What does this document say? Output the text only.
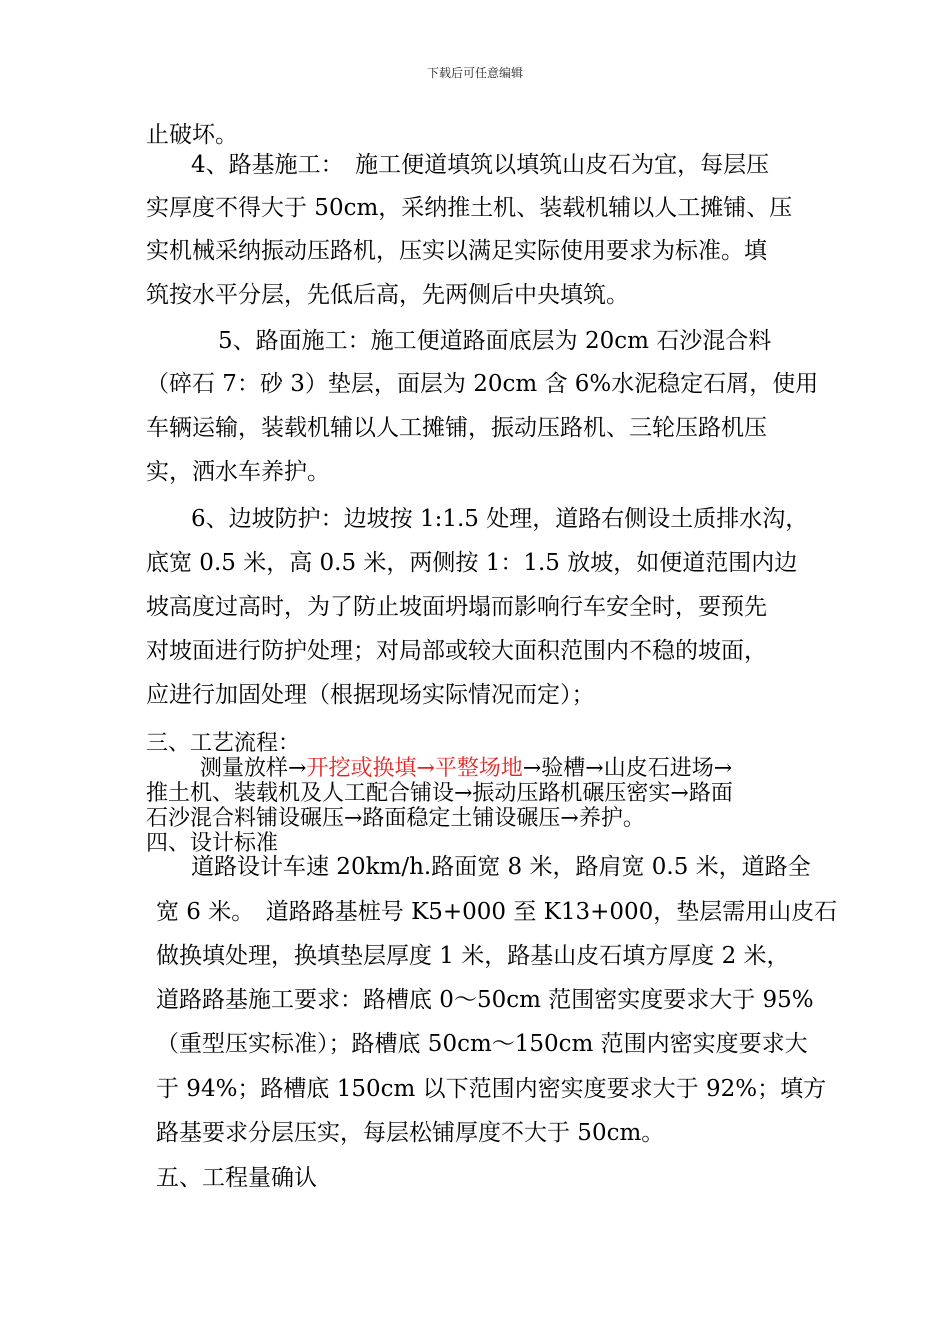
下载后可任意编辑
止破坏。
4、路基施工：　施工便道填筑以填筑山皮石为宜，每层压
实厚度不得大于 50cm，采纳推土机、装载机辅以人工摊铺、压
实机械采纳振动压路机，压实以满足实际使用要求为标准。填
筑按水平分层，先低后高，先两侧后中央填筑。
5、路面施工：施工便道路面底层为 20cm 石沙混合料
（碎石 7：砂 3）垫层，面层为 20cm 含 6%水泥稳定石屑，使用
车辆运输，装载机辅以人工摊铺，振动压路机、三轮压路机压
实，洒水车养护。
6、边坡防护：边坡按 1:1.5 处理，道路右侧设土质排水沟，
底宽 0.5 米，高 0.5 米，两侧按 1：1.5 放坡，如便道范围内边
坡高度过高时，为了防止坡面坍塌而影响行车安全时，要预先
对坡面进行防护处理；对局部或较大面积范围内不稳的坡面，
应进行加固处理（根据现场实际情况而定）；
三、工艺流程：
测量放样→开挖或换填→平整场地→验槽→山皮石进场→
推土机、装载机及人工配合铺设→振动压路机碾压密实→路面
石沙混合料铺设碾压→路面稳定土铺设碾压→养护。
四、设计标准
道路设计车速 20km/h.路面宽 8 米，路肩宽 0.5 米，道路全
宽 6 米。　道路路基桩号 K5+000 至 K13+000，垫层需用山皮石
做换填处理，换填垫层厚度 1 米，路基山皮石填方厚度 2 米，
道路路基施工要求：路槽底 0～50cm 范围密实度要求大于 95%
（重型压实标准）；路槽底 50cm～150cm 范围内密实度要求大
于 94%；路槽底 150cm 以下范围内密实度要求大于 92%；填方
路基要求分层压实，每层松铺厚度不大于 50cm。
五、工程量确认
